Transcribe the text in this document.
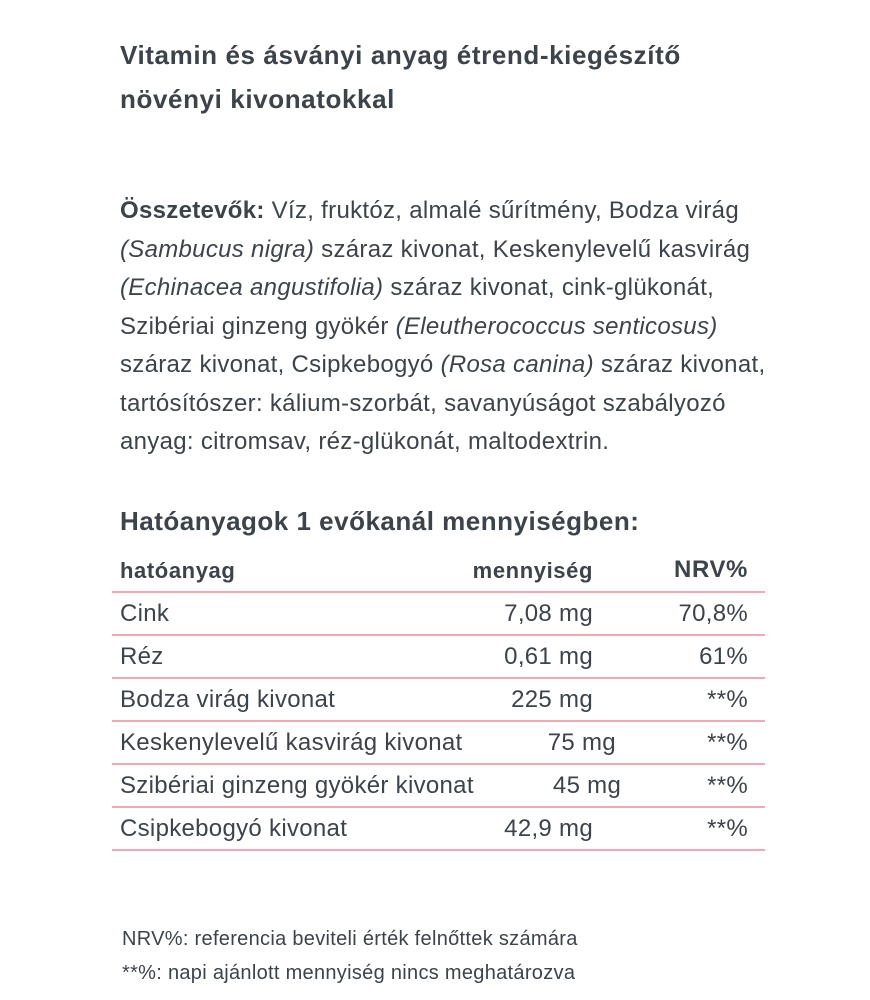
Vitamin és ásványi anyag étrend-kiegészítő növényi kivonatokkal

Összetevők: Víz, fruktóz, almalé sűrítmény, Bodza virág (Sambucus nigra) száraz kivonat, Keskenylevelű kasvirág (Echinacea angustifolia) száraz kivonat, cink-glükonát, Szibériai ginzeng gyökér (Eleutherococcus senticosus) száraz kivonat, Csipkebogyó (Rosa canina) száraz kivonat, tartósítószer: kálium-szorbát, savanyúságot szabályozó anyag: citromsav, réz-glükonát, maltodextrin.

Hatóanyagok 1 evőkanál mennyiségben:
hatóanyag	mennyiség	NRV%
Cink	7,08 mg	70,8%
Réz	0,61 mg	61%
Bodza virág kivonat	225 mg	**%
Keskenylevelű kasvirág kivonat	75 mg	**%
Szibériai ginzeng gyökér kivonat	45 mg	**%
Csipkebogyó kivonat	42,9 mg	**%
NRV%: referencia beviteli érték felnőttek számára
**%: napi ajánlott mennyiség nincs meghatározva
